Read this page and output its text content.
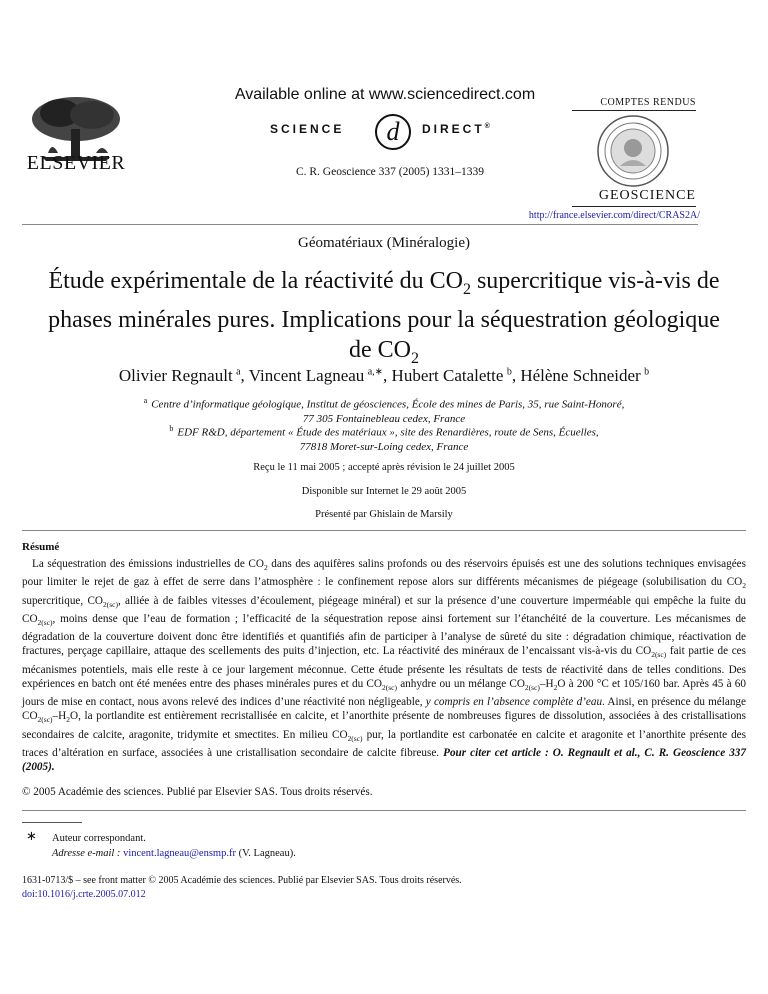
ELSEVIER
Available online at www.sciencedirect.com
SCIENCE d DIRECT®
C. R. Geoscience 337 (2005) 1331–1339
COMPTES RENDUS
GEOSCIENCE
http://france.elsevier.com/direct/CRAS2A/
Géomatériaux (Minéralogie)
Étude expérimentale de la réactivité du $CO_2$ supercritique vis-à-vis de phases minérales pures. Implications pour la séquestration géologique de $CO_2$
Olivier Regnault  $^a$, Vincent Lagneau  $^{a,∗}$, Hubert Catalette  $^b$, Hélène Schneider  $^b$
$^a$ Centre d’informatique géologique, Institut de géosciences, École des mines de Paris, 35, rue Saint-Honoré,
77 305 Fontainebleau cedex, France
$^b$ EDF R&D, département « Étude des matériaux », site des Renardières, route de Sens, Écuelles,
77818 Moret-sur-Loing cedex, France
Reçu le 11 mai 2005 ; accepté après révision le 24 juillet 2005
Disponible sur Internet le 29 août 2005
Présenté par Ghislain de Marsily
Résumé
La séquestration des émissions industrielles de $CO_2$ dans des aquifères salins profonds ou des réservoirs épuisés est une des solutions techniques envisagées pour limiter le rejet de gaz à effet de serre dans l’atmosphère : le confinement repose alors sur différents mécanismes de piégeage (solubilisation du $CO_2$ supercritique, $CO_{2(sc)}$, alliée à de faibles vitesses d’écoulement, piégeage minéral) et sur la présence d’une couverture imperméable qui empêche la fuite du $CO_{2(sc)}$, moins dense que l’eau de formation ; l’efficacité de la séquestration repose ainsi fortement sur l’étanchéité de la couverture. Les mécanismes de dégradation de la couverture doivent donc être identifiés et quantifiés afin de participer à l’analyse de sûreté du site : dégradation chimique, réactivation de fractures, perçage capillaire, attaque des scellements des puits d’injection, etc. La réactivité des minéraux de l’encaissant vis-à-vis du $CO_{2(sc)}$ fait partie de ces mécanismes potentiels, mais elle reste à ce jour largement méconnue. Cette étude présente les résultats de tests de réactivité dans de telles conditions. Des expériences en batch ont été menées entre des phases minérales pures et du $CO_{2(sc)}$ anhydre ou un mélange $CO_{2(sc)}-H_2O$ à 200 °C et 105/160 bar. Après 45 à 60 jours de mise en contact, nous avons relevé des indices d’une réactivité non négligeable, y compris en l’absence complète d’eau. Ainsi, en présence du mélange $CO_{2(sc)}-H_2O$, la portlandite est entièrement recristallisée en calcite, et l’anorthite présente de nombreuses figures de dissolution, associées à des cristallisations secondaires de calcite, aragonite, tridymite et smectites. En milieu $CO_{2(sc)}$ pur, la portlandite est carbonatée en calcite et aragonite et l’anorthite présente des traces d’altération en surface, associées à une cristallisation secondaire de calcite fibreuse. Pour citer cet article : O. Regnault et al., C. R. Geoscience 337 (2005).
© 2005 Académie des sciences. Publié par Elsevier SAS. Tous droits réservés.
∗ Auteur correspondant.
Adresse e-mail : vincent.lagneau@ensmp.fr (V. Lagneau).
1631-0713/$ – see front matter © 2005 Académie des sciences. Publié par Elsevier SAS. Tous droits réservés.
doi:10.1016/j.crte.2005.07.012
